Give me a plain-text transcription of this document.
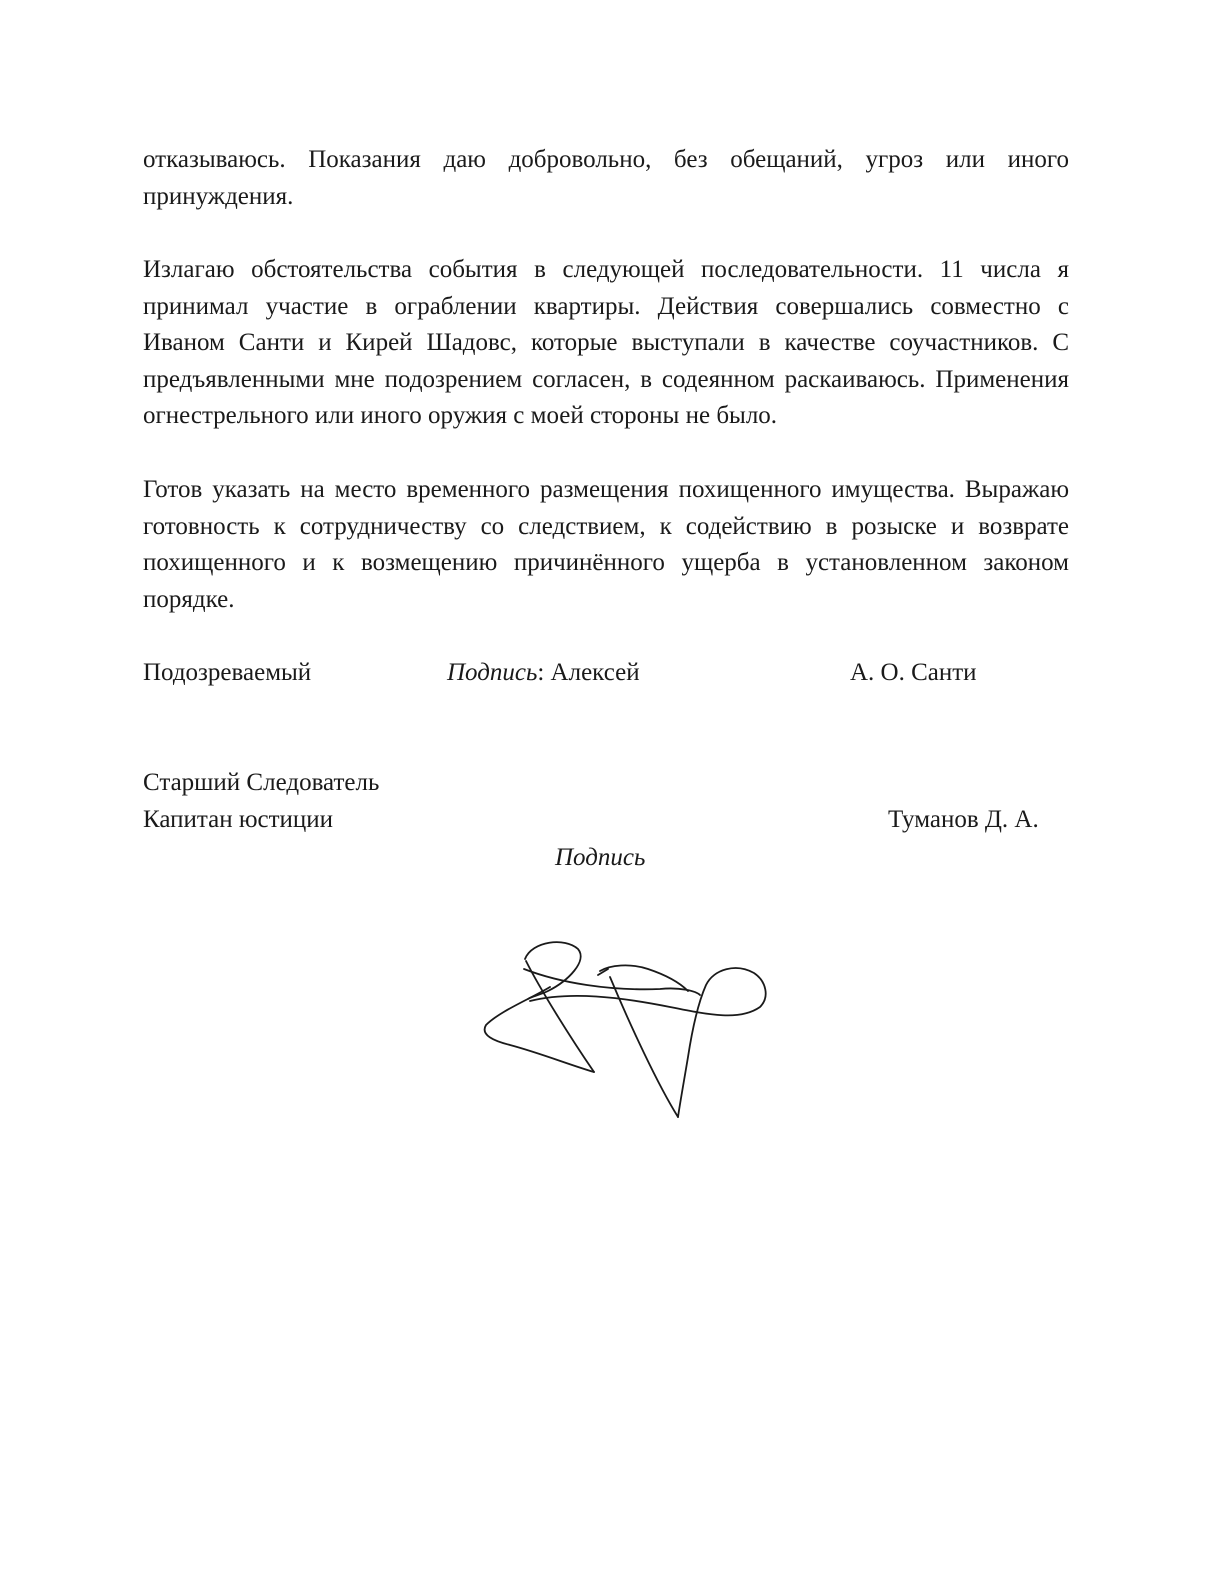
отказываюсь. Показания даю добровольно, без обещаний, угроз или иного принуждения.

Излагаю обстоятельства события в следующей последовательности. 11 числа я принимал участие в ограблении квартиры. Действия совершались совместно с Иваном Санти и Кирей Шадовс, которые выступали в качестве соучастников. С предъявленными мне подозрением согласен, в содеянном раскаиваюсь. Применения огнестрельного или иного оружия с моей стороны не было.

Готов указать на место временного размещения похищенного имущества. Выражаю готовность к сотрудничеству со следствием, к содействию в розыске и возврате похищенного и к возмещению причинённого ущерба в установленном законом порядке.

Подозреваемый	Подпись: Алексей	А. О. Санти
Старший Следователь
Капитан юстиции	Туманов Д. А.
Подпись
